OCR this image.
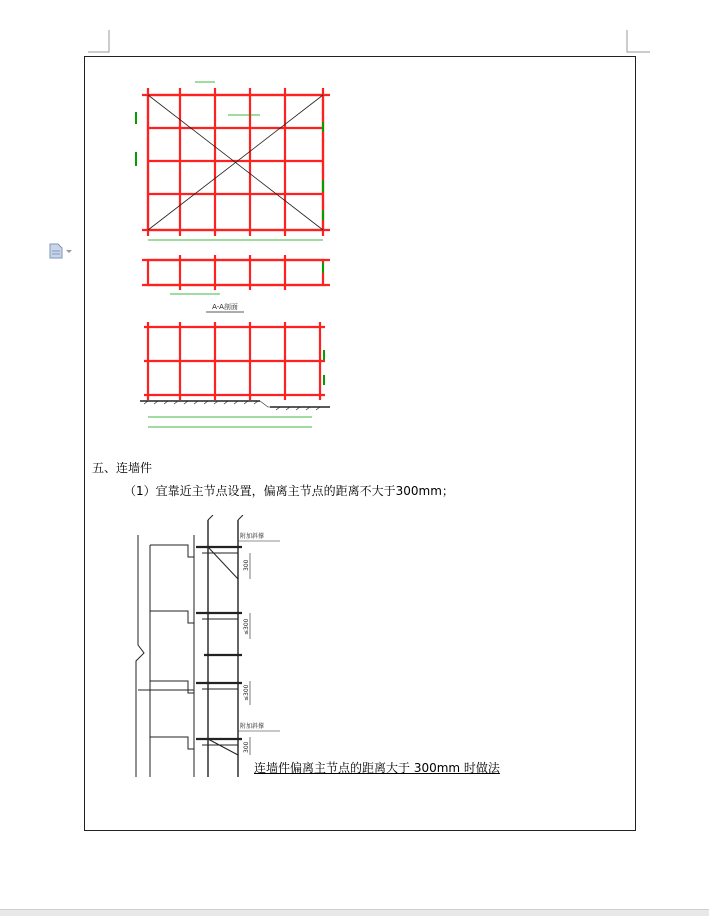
A-A剖面
五、连墙件
（1）宜靠近主节点设置，偏离主节点的距离不大于300mm；
附加斜撑
附加斜撑
300
≤300
≤300
300
连墙件偏离主节点的距离大于 300mm 时做法
